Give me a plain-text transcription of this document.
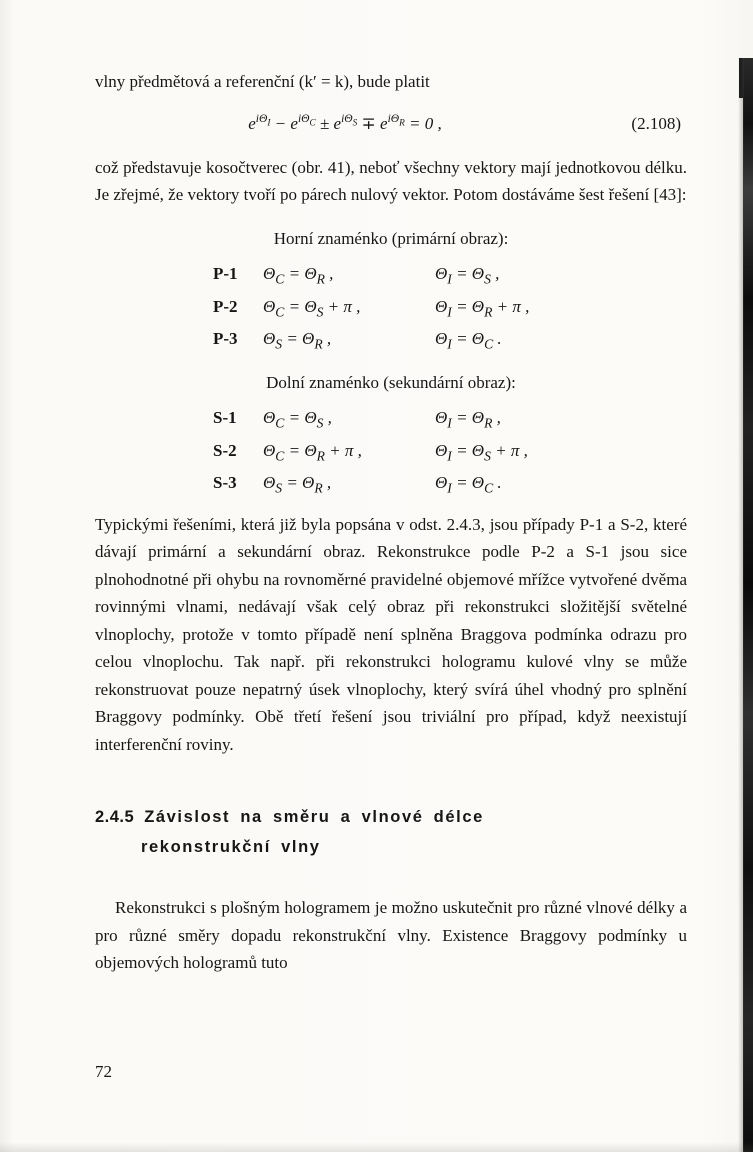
vlny předmětová a referenční (k′ = k), bude platit

$e^{i\Theta_I} - e^{i\Theta_C} \pm e^{i\Theta_S} \mp e^{i\Theta_R} = 0$ ,	(2.108)

což představuje kosočtverec (obr. 41), neboť všechny vektory mají jednotkovou délku. Je zřejmé, že vektory tvoří po párech nulový vektor. Potom dostáváme šest řešení [43]:

Horní znaménko (primární obraz):
P-1	$\Theta_C = \Theta_R$ ,	$\Theta_I = \Theta_S$ ,
P-2	$\Theta_C = \Theta_S + \pi$ ,	$\Theta_I = \Theta_R + \pi$ ,
P-3	$\Theta_S = \Theta_R$ ,	$\Theta_I = \Theta_C$ .
Dolní znaménko (sekundární obraz):
S-1	$\Theta_C = \Theta_S$ ,	$\Theta_I = \Theta_R$ ,
S-2	$\Theta_C = \Theta_R + \pi$ ,	$\Theta_I = \Theta_S + \pi$ ,
S-3	$\Theta_S = \Theta_R$ ,	$\Theta_I = \Theta_C$ .

Typickými řešeními, která již byla popsána v odst. 2.4.3, jsou případy P-1 a S-2, které dávají primární a sekundární obraz. Rekonstrukce podle P-2 a S-1 jsou sice plnohodnotné při ohybu na rovnoměrné pravidelné objemové mřížce vytvořené dvěma rovinnými vlnami, nedávají však celý obraz při rekonstrukci složitější světelné vlnoplochy, protože v tomto případě není splněna Braggova podmínka odrazu pro celou vlnoplochu. Tak např. při rekonstrukci hologramu kulové vlny se může rekonstruovat pouze nepatrný úsek vlnoplochy, který svírá úhel vhodný pro splnění Braggovy podmínky. Obě třetí řešení jsou triviální pro případ, když neexistují interferenční roviny.

2.4.5 Závislost na směru a vlnové délce
rekonstrukční vlny

Rekonstrukci s plošným hologramem je možno uskutečnit pro různé vlnové délky a pro různé směry dopadu rekonstrukční vlny. Existence Braggovy podmínky u objemových hologramů tuto

72
